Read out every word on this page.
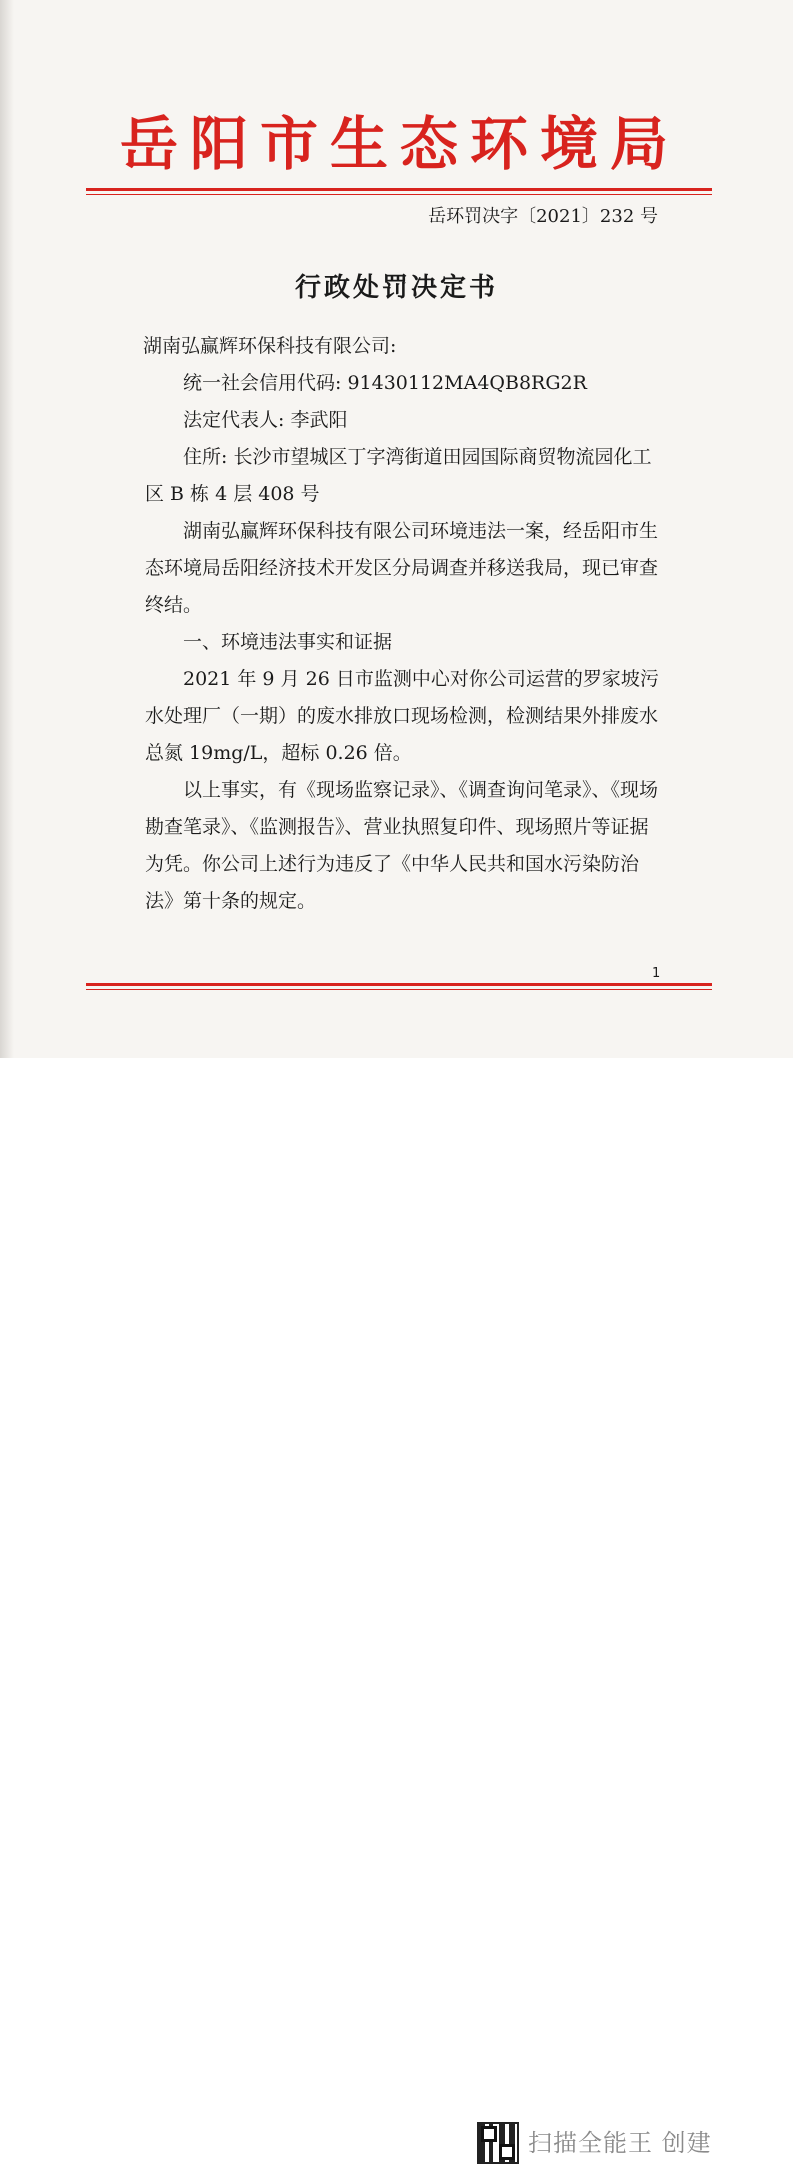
岳阳市生态环境局
岳环罚决字〔2021〕232 号
行政处罚决定书

湖南弘赢辉环保科技有限公司:

统一社会信用代码: 91430112MA4QB8RG2R

法定代表人: 李武阳

住所: 长沙市望城区丁字湾街道田园国际商贸物流园化工区 B 栋 4 层 408 号

湖南弘赢辉环保科技有限公司环境违法一案，经岳阳市生态环境局岳阳经济技术开发区分局调查并移送我局，现已审查终结。

一、环境违法事实和证据

2021 年 9 月 26 日市监测中心对你公司运营的罗家坡污水处理厂（一期）的废水排放口现场检测，检测结果外排废水总氮 19mg/L，超标 0.26 倍。

以上事实，有《现场监察记录》、《调查询问笔录》、《现场勘查笔录》、《监测报告》、营业执照复印件、现场照片等证据为凭。你公司上述行为违反了《中华人民共和国水污染防治法》第十条的规定。

1
扫描全能王 创建
